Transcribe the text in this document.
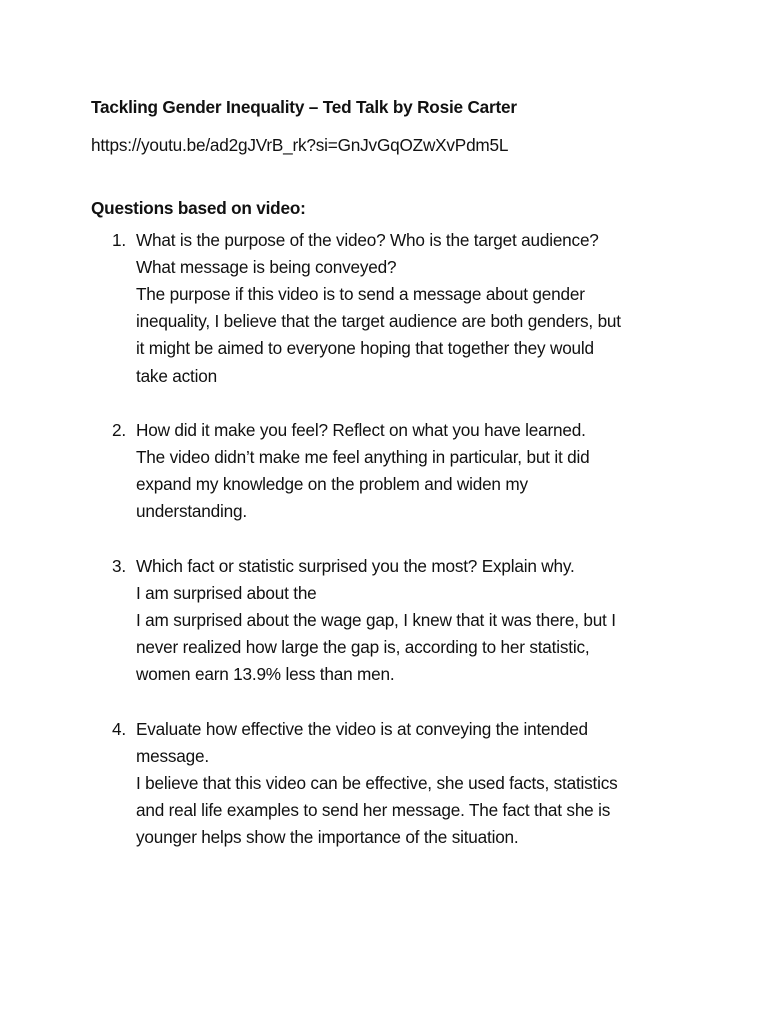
Tackling Gender Inequality – Ted Talk by Rosie Carter

https://youtu.be/ad2gJVrB_rk?si=GnJvGqOZwXvPdm5L

Questions based on video:

1. What is the purpose of the video? Who is the target audience?
What message is being conveyed?
The purpose if this video is to send a message about gender
inequality, I believe that the target audience are both genders, but
it might be aimed to everyone hoping that together they would
take action
2. How did it make you feel? Reflect on what you have learned.
The video didn’t make me feel anything in particular, but it did
expand my knowledge on the problem and widen my
understanding.
3. Which fact or statistic surprised you the most? Explain why.
I am surprised about the
I am surprised about the wage gap, I knew that it was there, but I
never realized how large the gap is, according to her statistic,
women earn 13.9% less than men.
4. Evaluate how effective the video is at conveying the intended
message.
I believe that this video can be effective, she used facts, statistics
and real life examples to send her message. The fact that she is
younger helps show the importance of the situation.
